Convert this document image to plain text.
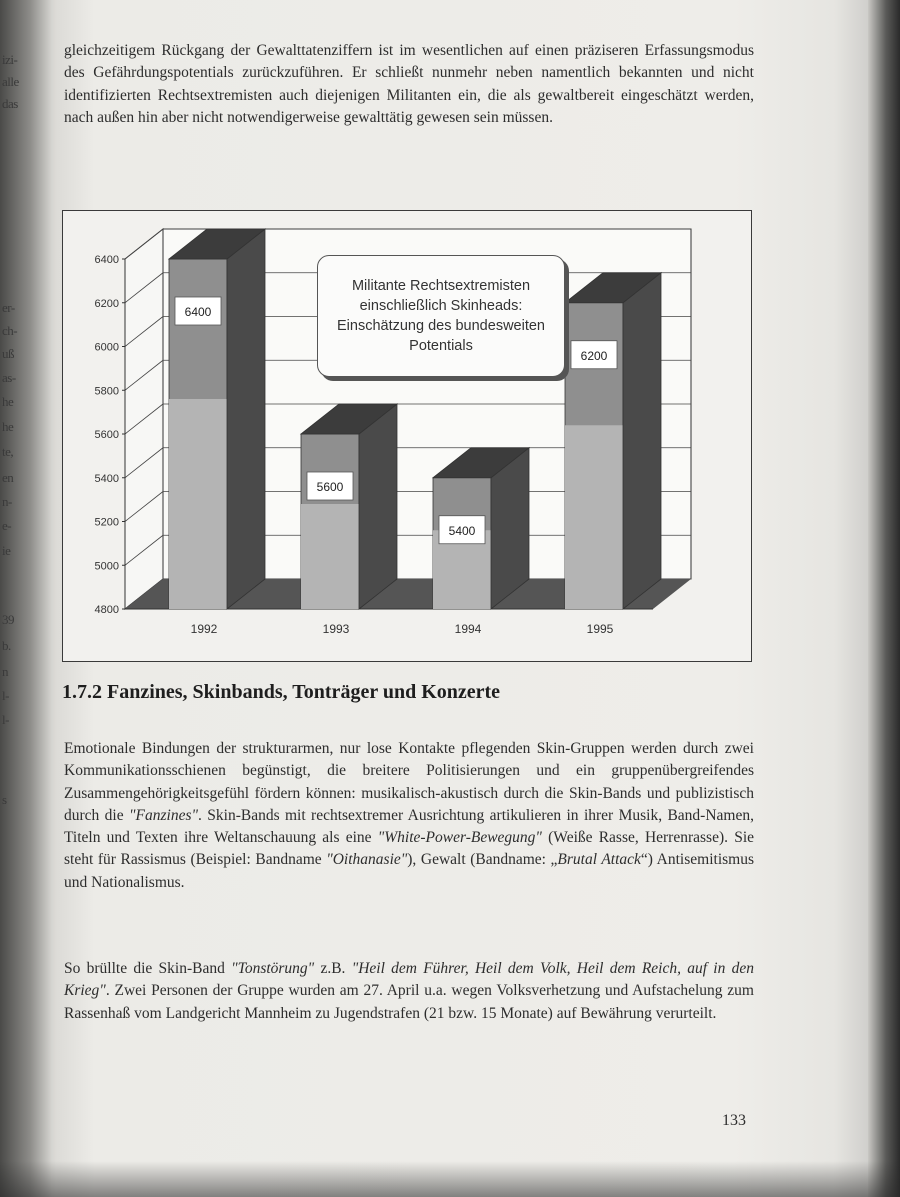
izi-
alle
das
er-
ch-
uß
as-
he
he
te,
en
n-
e-
ie
39
b.
n
l-
l-
s

gleichzeitigem Rückgang der Gewalttatenziffern ist im wesentlichen auf einen präziseren Erfassungsmodus des Gefährdungspotentials zurückzuführen. Er schließt nunmehr neben namentlich bekannten und nicht identifizierten Rechtsextremisten auch diejenigen Militanten ein, die als gewaltbereit eingeschätzt werden, nach außen hin aber nicht notwendigerweise gewalttätig gewesen sein müssen.

4800
5000
5200
5400
5600
5800
6000
6200
6400
6400
1992
5600
1993
5400
1994
6200
1995
Militante Rechtsextremisten einschließlich Skinheads: Einschätzung des bundesweiten Potentials
1.7.2 Fanzines, Skinbands, Tonträger und Konzerte

Emotionale Bindungen der strukturarmen, nur lose Kontakte pflegenden Skin-Gruppen werden durch zwei Kommunikationsschienen begünstigt, die breitere Politisierungen und ein gruppenübergreifendes Zusammengehörigkeitsgefühl fördern können: musikalisch-akustisch durch die Skin-Bands und publizistisch durch die "Fanzines". Skin-Bands mit rechtsextremer Ausrichtung artikulieren in ihrer Musik, Band-Namen, Titeln und Texten ihre Weltanschauung als eine "White-Power-Bewegung" (Weiße Rasse, Herrenrasse). Sie steht für Rassismus (Beispiel: Bandname "Oithanasie"), Gewalt (Bandname: „Brutal Attack“) Antisemitismus und Nationalismus.

So brüllte die Skin-Band "Tonstörung" z.B. "Heil dem Führer, Heil dem Volk, Heil dem Reich, auf in den Krieg". Zwei Personen der Gruppe wurden am 27. April u.a. wegen Volksverhetzung und Aufstachelung zum Rassenhaß vom Landgericht Mannheim zu Jugendstrafen (21 bzw. 15 Monate) auf Bewährung verurteilt.

133
